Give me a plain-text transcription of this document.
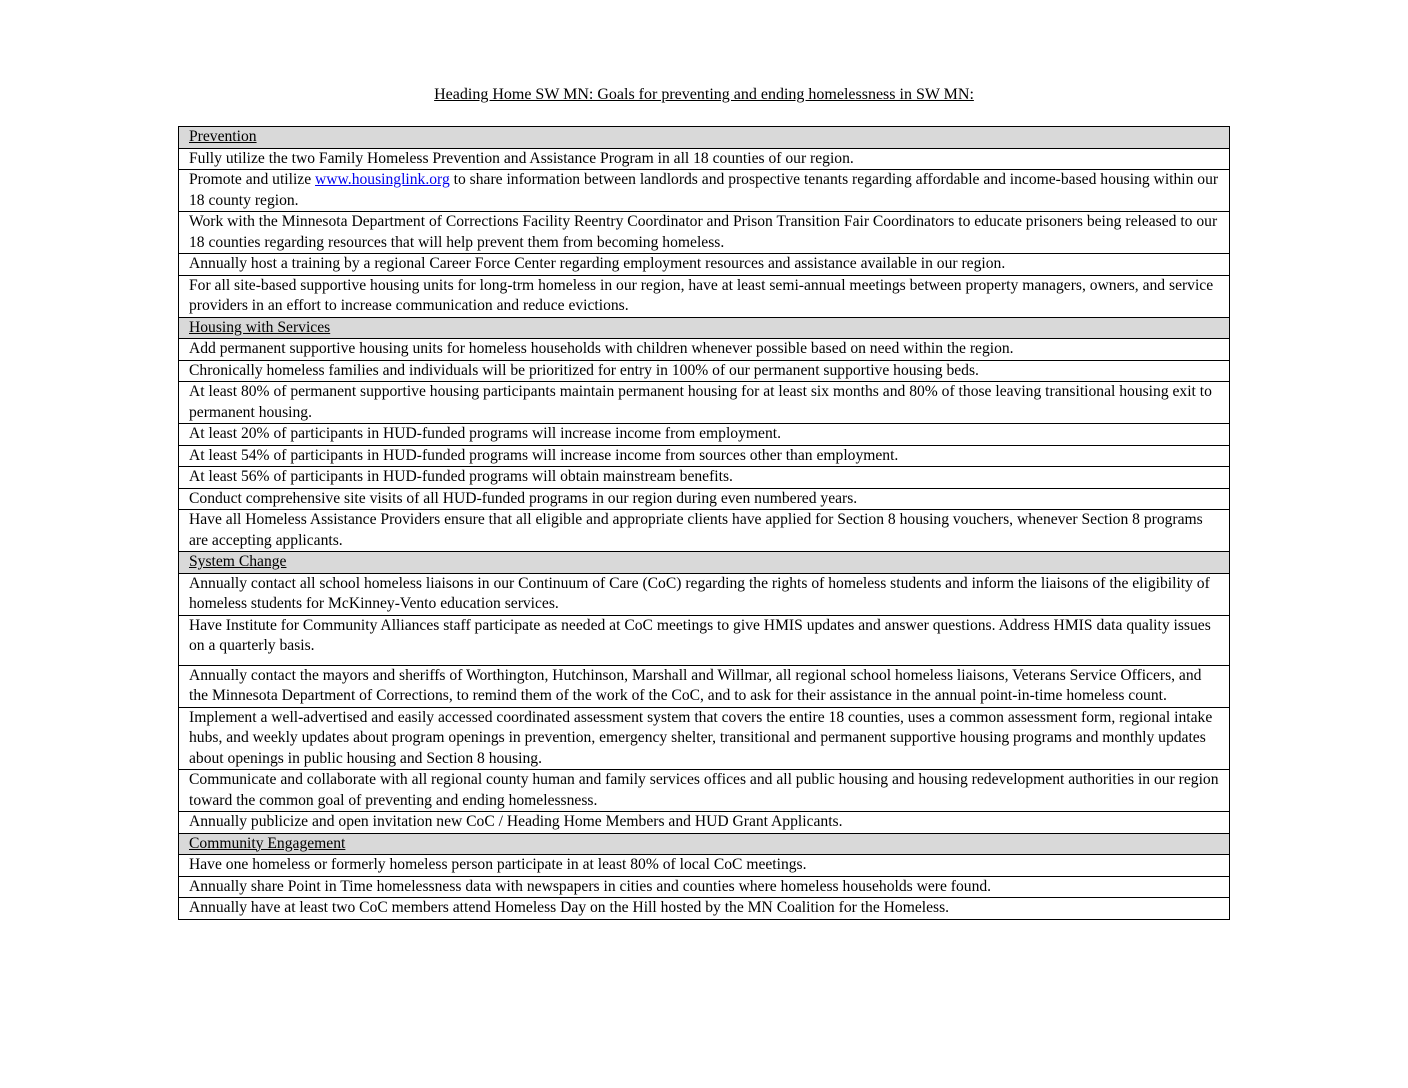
Heading Home SW MN: Goals for preventing and ending homelessness in SW MN:
Prevention
Fully utilize the two Family Homeless Prevention and Assistance Program in all 18 counties of our region.
Promote and utilize www.housinglink.org to share information between landlords and prospective tenants regarding affordable and income-based housing within our 18 county region.
Work with the Minnesota Department of Corrections Facility Reentry Coordinator and Prison Transition Fair Coordinators to educate prisoners being released to our 18 counties regarding resources that will help prevent them from becoming homeless.
Annually host a training by a regional Career Force Center regarding employment resources and assistance available in our region.
For all site-based supportive housing units for long-trm homeless in our region, have at least semi-annual meetings between property managers, owners, and service providers in an effort to increase communication and reduce evictions.
Housing with Services
Add permanent supportive housing units for homeless households with children whenever possible based on need within the region.
Chronically homeless families and individuals will be prioritized for entry in 100% of our permanent supportive housing beds.
At least 80% of permanent supportive housing participants maintain permanent housing for at least six months and 80% of those leaving transitional housing exit to permanent housing.
At least 20% of participants in HUD-funded programs will increase income from employment.
At least 54% of participants in HUD-funded programs will increase income from sources other than employment.
At least 56% of participants in HUD-funded programs will obtain mainstream benefits.
Conduct comprehensive site visits of all HUD-funded programs in our region during even numbered years.
Have all Homeless Assistance Providers ensure that all eligible and appropriate clients have applied for Section 8 housing vouchers, whenever Section 8 programs are accepting applicants.
System Change
Annually contact all school homeless liaisons in our Continuum of Care (CoC) regarding the rights of homeless students and inform the liaisons of the eligibility of homeless students for McKinney-Vento education services.
Have Institute for Community Alliances staff participate as needed at CoC meetings to give HMIS updates and answer questions. Address HMIS data quality issues on a quarterly basis.
Annually contact the mayors and sheriffs of Worthington, Hutchinson, Marshall and Willmar, all regional school homeless liaisons, Veterans Service Officers, and the Minnesota Department of Corrections, to remind them of the work of the CoC, and to ask for their assistance in the annual point-in-time homeless count.
Implement a well-advertised and easily accessed coordinated assessment system that covers the entire 18 counties, uses a common assessment form, regional intake hubs, and weekly updates about program openings in prevention, emergency shelter, transitional and permanent supportive housing programs and monthly updates about openings in public housing and Section 8 housing.
Communicate and collaborate with all regional county human and family services offices and all public housing and housing redevelopment authorities in our region toward the common goal of preventing and ending homelessness.
Annually publicize and open invitation new CoC / Heading Home Members and HUD Grant Applicants.
Community Engagement
Have one homeless or formerly homeless person participate in at least 80% of local CoC meetings.
Annually share Point in Time homelessness data with newspapers in cities and counties where homeless households were found.
Annually have at least two CoC members attend Homeless Day on the Hill hosted by the MN Coalition for the Homeless.
